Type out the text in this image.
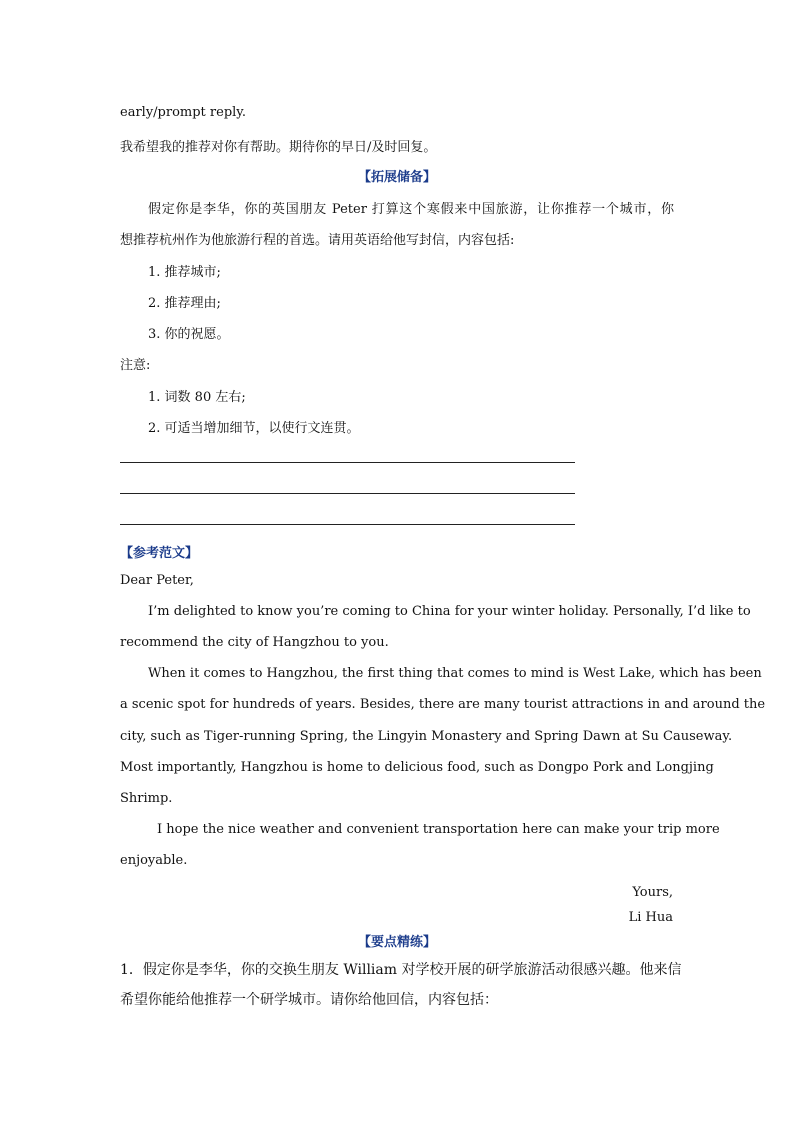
early/prompt reply.
我希望我的推荐对你有帮助。期待你的早日/及时回复。
【拓展储备】
假定你是李华，你的英国朋友 Peter 打算这个寒假来中国旅游，让你推荐一个城市，你
想推荐杭州作为他旅游行程的首选。请用英语给他写封信，内容包括:
1. 推荐城市;
2. 推荐理由;
3. 你的祝愿。
注意:
1. 词数 80 左右;
2. 可适当增加细节，以使行文连贯。
【参考范文】
Dear Peter,
I’m delighted to know you’re coming to China for your winter holiday. Personally, I’d like to
recommend the city of Hangzhou to you.
When it comes to Hangzhou, the first thing that comes to mind is West Lake, which has been
a scenic spot for hundreds of years. Besides, there are many tourist attractions in and around the
city, such as Tiger-running Spring, the Lingyin Monastery and Spring Dawn at Su Causeway.
Most importantly, Hangzhou is home to delicious food, such as Dongpo Pork and Longjing
Shrimp.
I hope the nice weather and convenient transportation here can make your trip more
enjoyable.
Yours,
Li Hua
【要点精练】
1．假定你是李华，你的交换生朋友 William 对学校开展的研学旅游活动很感兴趣。他来信
希望你能给他推荐一个研学城市。请你给他回信，内容包括：
